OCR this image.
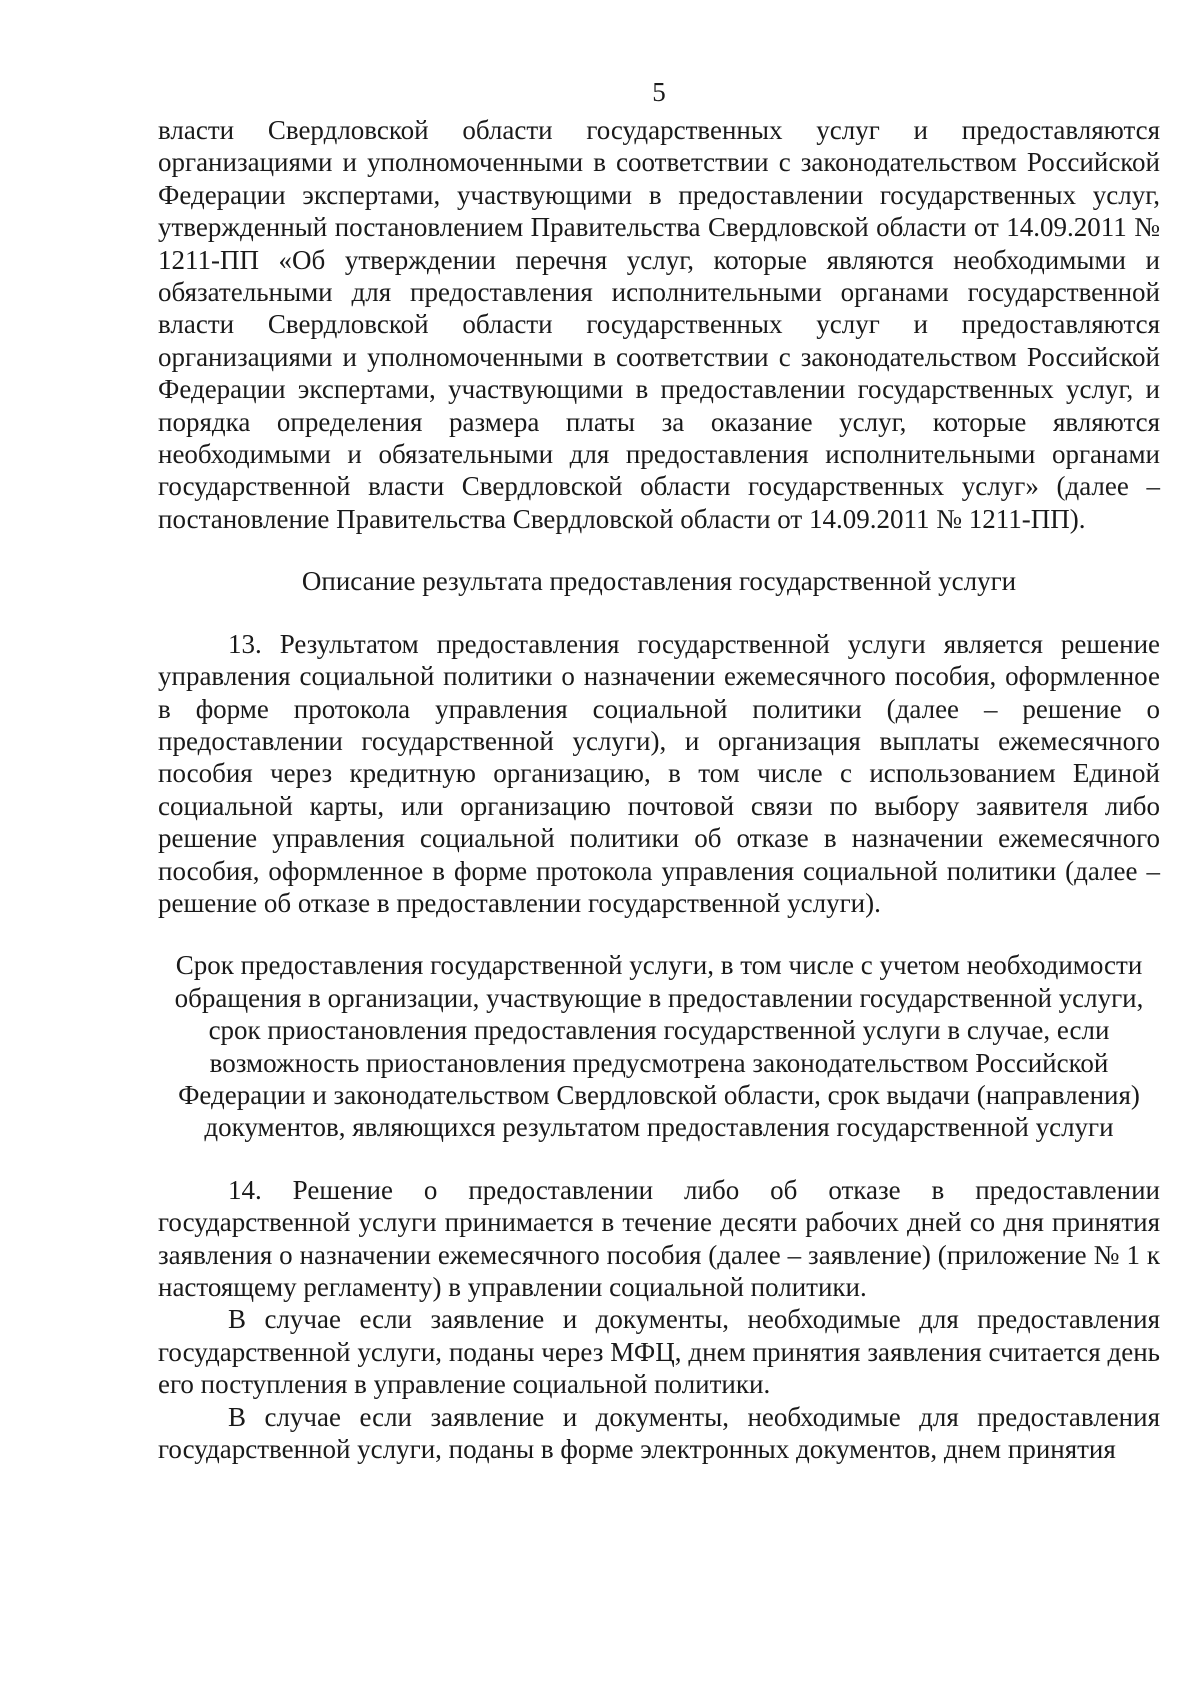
5

власти Свердловской области государственных услуг и предоставляются организациями и уполномоченными в соответствии с законодательством Российской Федерации экспертами, участвующими в предоставлении государственных услуг, утвержденный постановлением Правительства Свердловской области от 14.09.2011 № 1211-ПП «Об утверждении перечня услуг, которые являются необходимыми и обязательными для предоставления исполнительными органами государственной власти Свердловской области государственных услуг и предоставляются организациями и уполномоченными в соответствии с законодательством Российской Федерации экспертами, участвующими в предоставлении государственных услуг, и порядка определения размера платы за оказание услуг, которые являются необходимыми и обязательными для предоставления исполнительными органами государственной власти Свердловской области государственных услуг» (далее – постановление Правительства Свердловской области от 14.09.2011 № 1211-ПП).

Описание результата предоставления государственной услуги

13. Результатом предоставления государственной услуги является решение управления социальной политики о назначении ежемесячного пособия, оформленное в форме протокола управления социальной политики (далее – решение о предоставлении государственной услуги), и организация выплаты ежемесячного пособия через кредитную организацию, в том числе с использованием Единой социальной карты, или организацию почтовой связи по выбору заявителя либо решение управления социальной политики об отказе в назначении ежемесячного пособия, оформленное в форме протокола управления социальной политики (далее – решение об отказе в предоставлении государственной услуги).

Срок предоставления государственной услуги, в том числе с учетом необходимости обращения в организации, участвующие в предоставлении государственной услуги, срок приостановления предоставления государственной услуги в случае, если возможность приостановления предусмотрена законодательством Российской Федерации и законодательством Свердловской области, срок выдачи (направления) документов, являющихся результатом предоставления государственной услуги

14. Решение о предоставлении либо об отказе в предоставлении государственной услуги принимается в течение десяти рабочих дней со дня принятия заявления о назначении ежемесячного пособия (далее – заявление) (приложение № 1 к настоящему регламенту) в управлении социальной политики.

В случае если заявление и документы, необходимые для предоставления государственной услуги, поданы через МФЦ, днем принятия заявления считается день его поступления в управление социальной политики.

В случае если заявление и документы, необходимые для предоставления государственной услуги, поданы в форме электронных документов, днем принятия
